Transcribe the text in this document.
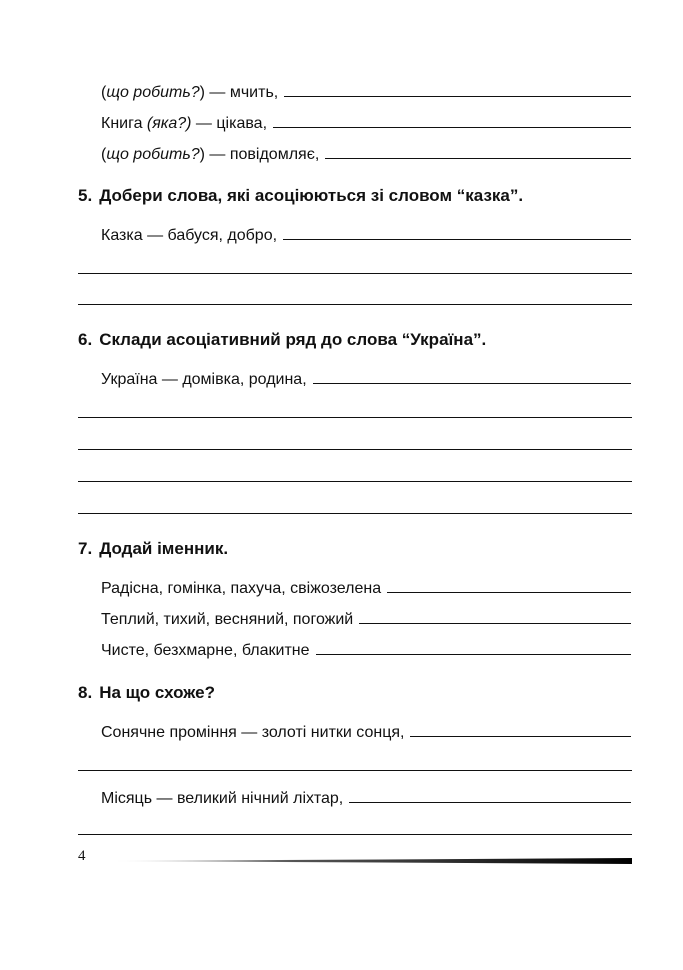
(що робить?) — мчить,
Книга (яка?) — цікава,
(що робить?) — повідомляє,
5. Добери слова, які асоціюються зі словом “казка”.
Казка — бабуся, добро,
6. Склади асоціативний ряд до слова “Україна”.
Україна — домівка, родина,
7. Додай іменник.
Радісна, гомінка, пахуча, свіжозелена
Теплий, тихий, весняний, погожий
Чисте, безхмарне, блакитне
8. На що схоже?
Сонячне проміння — золоті нитки сонця,
Місяць — великий нічний ліхтар,
4
